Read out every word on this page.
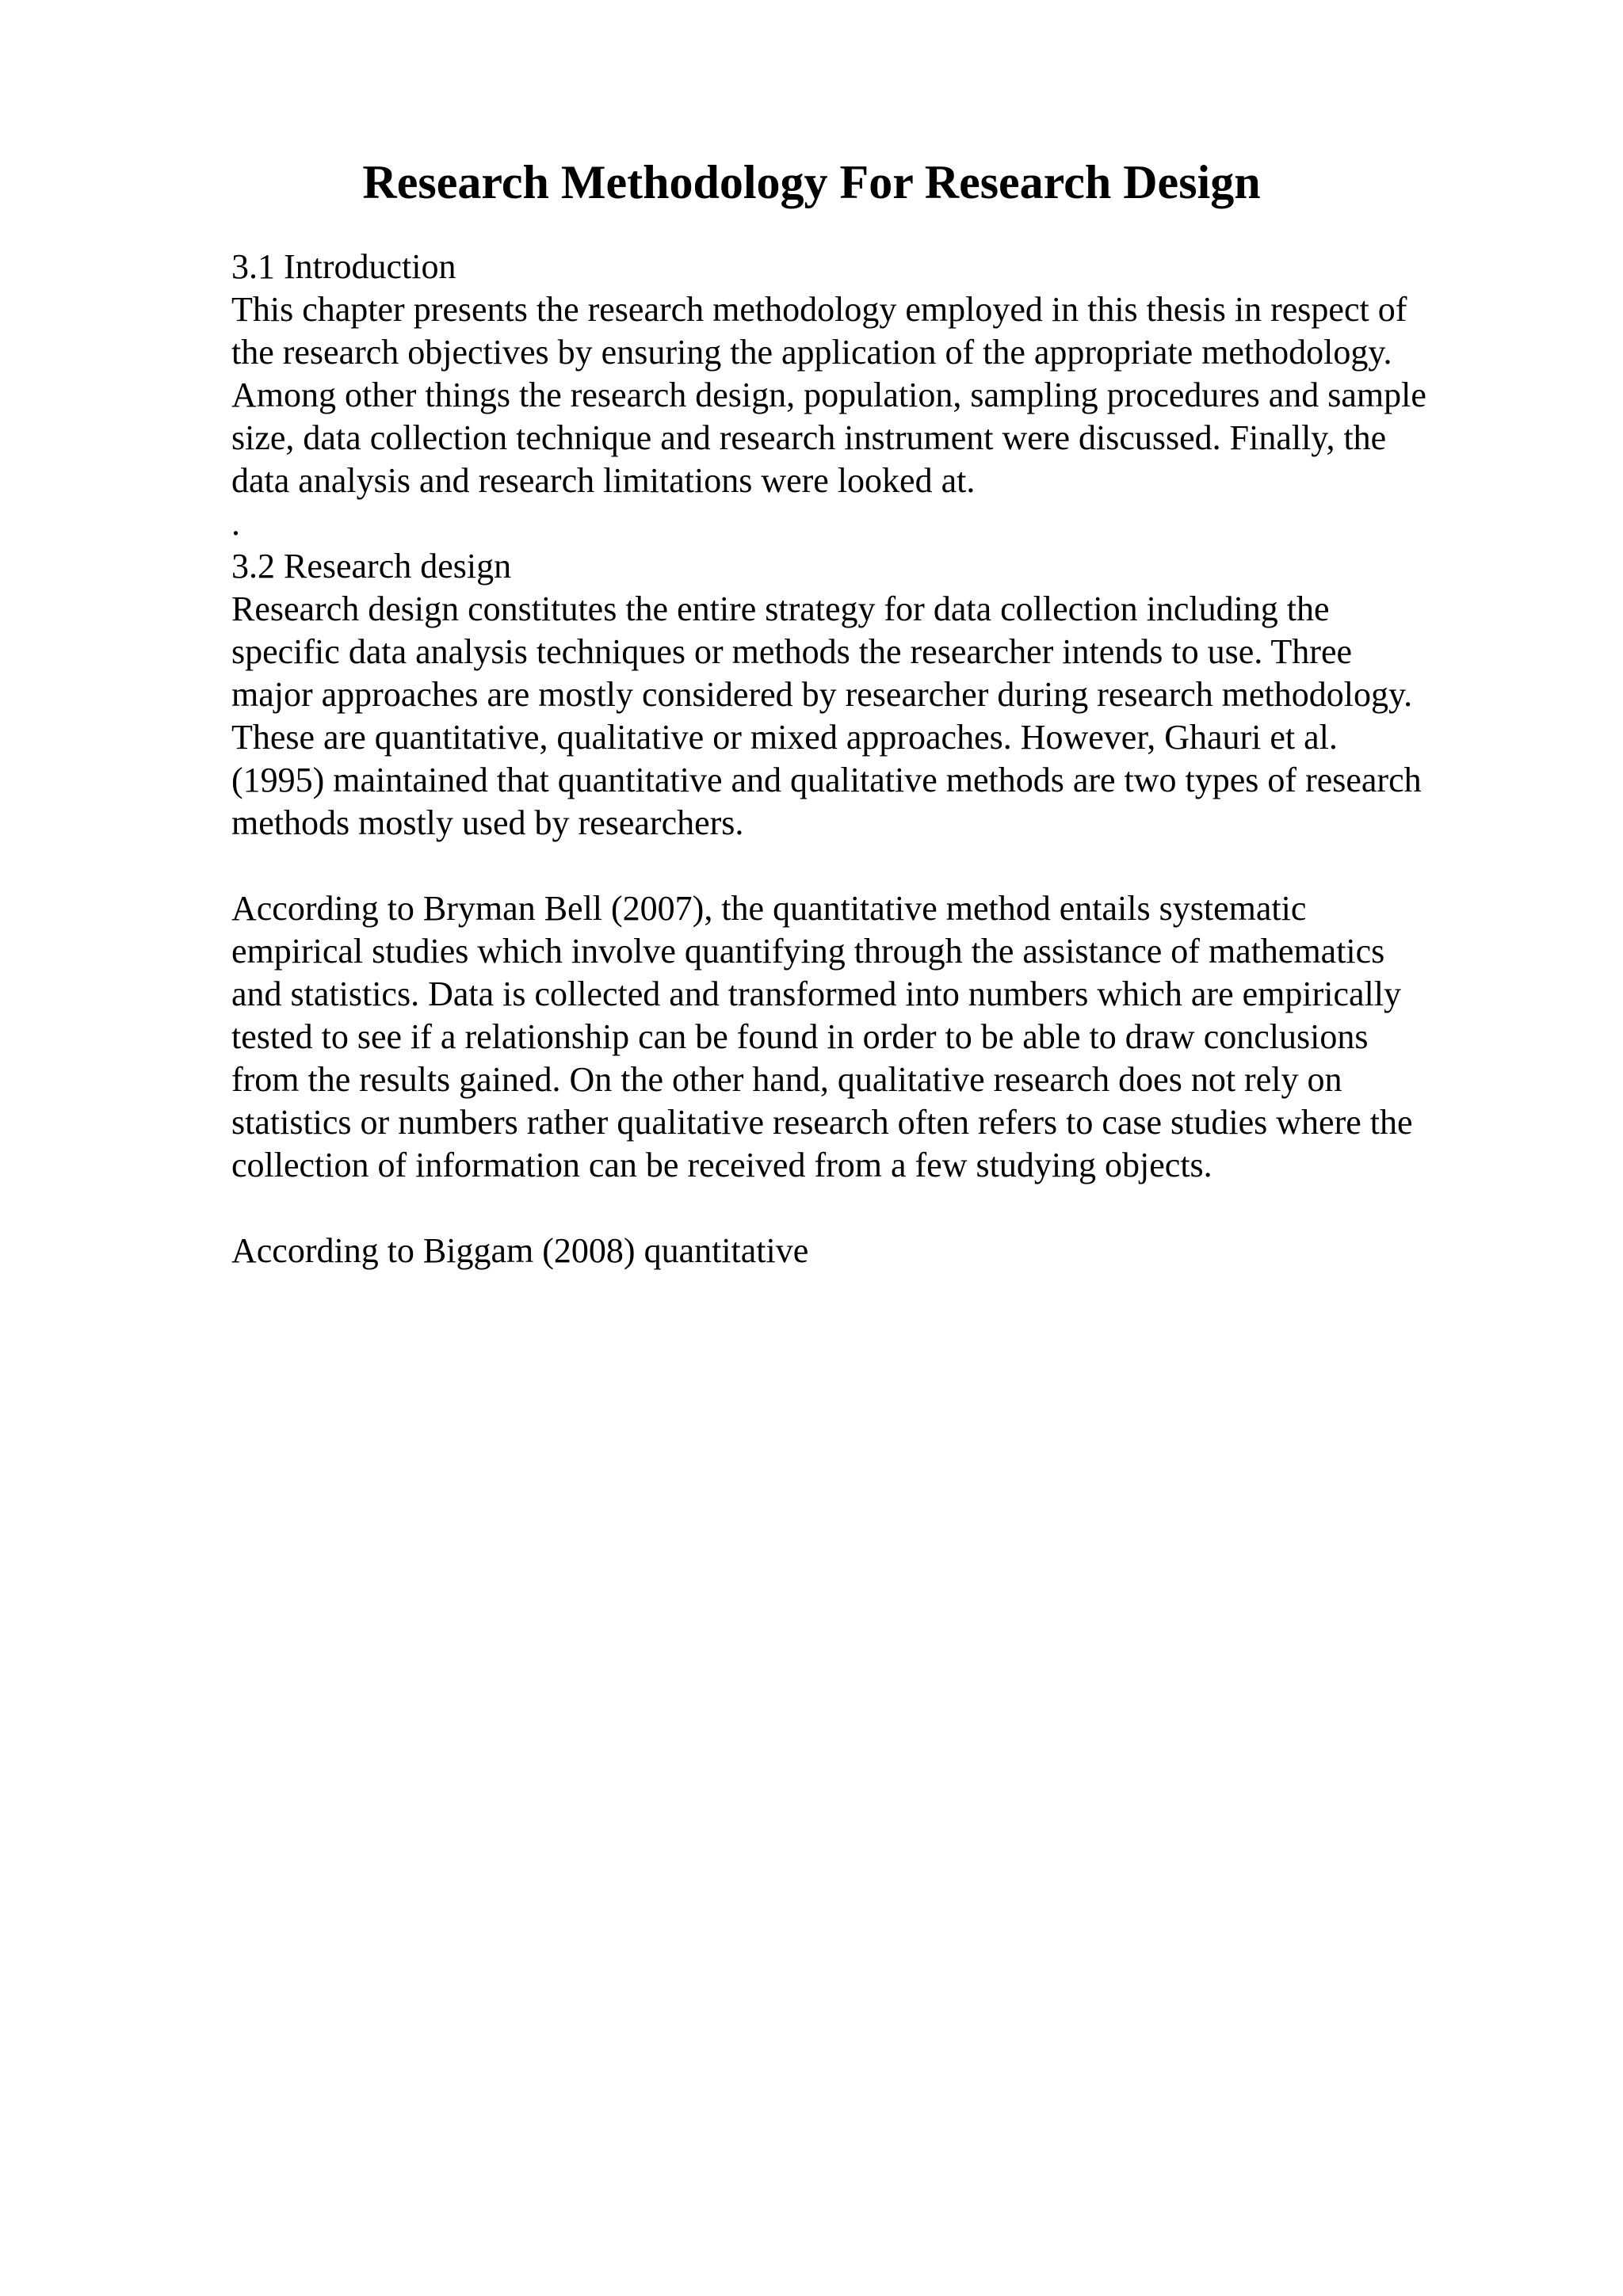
Research Methodology For Research Design
3.1 Introduction
This chapter presents the research methodology employed in this thesis in respect of
the research objectives by ensuring the application of the appropriate methodology.
Among other things the research design, population, sampling procedures and sample
size, data collection technique and research instrument were discussed. Finally, the
data analysis and research limitations were looked at.
.
3.2 Research design
Research design constitutes the entire strategy for data collection including the
specific data analysis techniques or methods the researcher intends to use. Three
major approaches are mostly considered by researcher during research methodology.
These are quantitative, qualitative or mixed approaches. However, Ghauri et al.
(1995) maintained that quantitative and qualitative methods are two types of research
methods mostly used by researchers.
According to Bryman Bell (2007), the quantitative method entails systematic
empirical studies which involve quantifying through the assistance of mathematics
and statistics. Data is collected and transformed into numbers which are empirically
tested to see if a relationship can be found in order to be able to draw conclusions
from the results gained. On the other hand, qualitative research does not rely on
statistics or numbers rather qualitative research often refers to case studies where the
collection of information can be received from a few studying objects.
According to Biggam (2008) quantitative
